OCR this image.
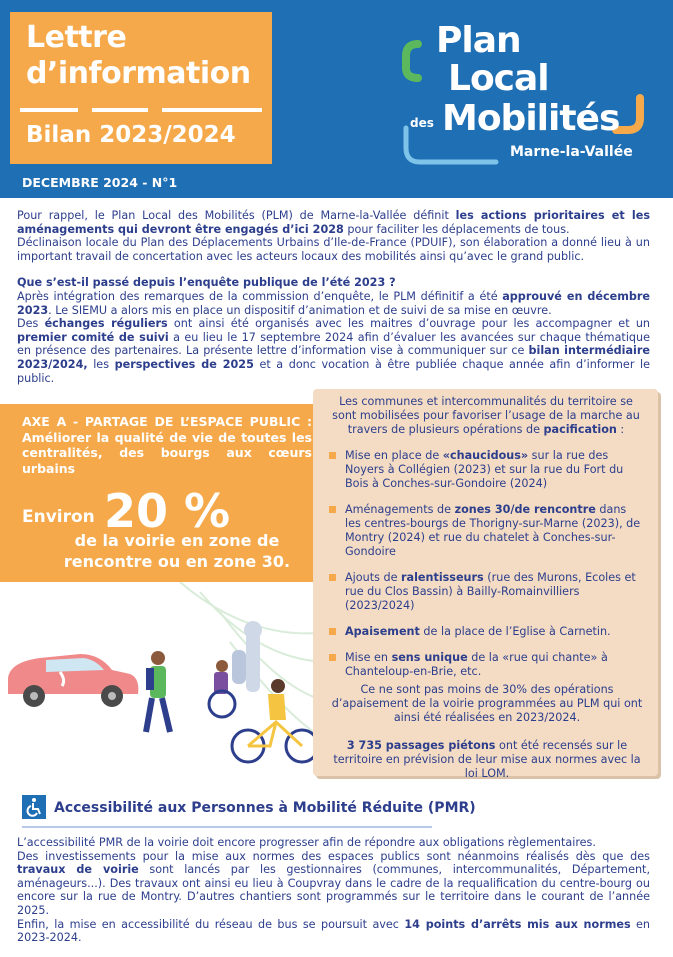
Lettre
d’information
Bilan 2023/2024
DECEMBRE 2024 - N°1
Plan
Local
des Mobilités
Marne-la-Vallée

Pour rappel, le Plan Local des Mobilités (PLM) de Marne-la-Vallée définit les actions prioritaires et les aménagements qui devront être engagés d’ici 2028 pour faciliter les déplacements de tous.

Déclinaison locale du Plan des Déplacements Urbains d’Ile-de-France (PDUIF), son élaboration a donné lieu à un important travail de concertation avec les acteurs locaux des mobilités ainsi qu’avec le grand public.

Que s’est-il passé depuis l’enquête publique de l’été 2023 ?

Après intégration des remarques de la commission d’enquête, le PLM définitif a été approuvé en décembre 2023. Le SIEMU a alors mis en place un dispositif d’animation et de suivi de sa mise en œuvre.

Des échanges réguliers ont ainsi été organisés avec les maitres d’ouvrage pour les accompagner et un premier comité de suivi a eu lieu le 17 septembre 2024 afin d’évaluer les avancées sur chaque thématique en présence des partenaires. La présente lettre d’information vise à communiquer sur ce bilan intermédiaire 2023/2024, les perspectives de 2025 et a donc vocation à être publiée chaque année afin d’informer le public.

AXE A - PARTAGE DE L’ESPACE PUBLIC : Améliorer la qualité de vie de toutes les centralités, des bourgs aux cœurs urbains
Environ 20 %
de la voirie en zone de rencontre ou en zone 30.
Les communes et intercommunalités du territoire se sont mobilisées pour favoriser l’usage de la marche au travers de plusieurs opérations de pacification :
Mise en place de «chaucidous» sur la rue des Noyers à Collégien (2023) et sur la rue du Fort du Bois à Conches-sur-Gondoire (2024)
Aménagements de zones 30/de rencontre dans les centres-bourgs de Thorigny-sur-Marne (2023), de Montry (2024) et rue du chatelet à Conches-sur-Gondoire
Ajouts de ralentisseurs (rue des Murons, Ecoles et rue du Clos Bassin) à Bailly-Romainvilliers (2023/2024)
Apaisement de la place de l’Eglise à Carnetin.
Mise en sens unique de la «rue qui chante» à Chanteloup-en-Brie, etc.
Ce ne sont pas moins de 30% des opérations d’apaisement de la voirie programmées au PLM qui ont ainsi été réalisées en 2023/2024.
3 735 passages piétons ont été recensés sur le territoire en prévision de leur mise aux normes avec la loi LOM.
Accessibilité aux Personnes à Mobilité Réduite (PMR)

L’accessibilité PMR de la voirie doit encore progresser afin de répondre aux obligations règlementaires.

Des investissements pour la mise aux normes des espaces publics sont néanmoins réalisés dès que des travaux de voirie sont lancés par les gestionnaires (communes, intercommunalités, Département, aménageurs...). Des travaux ont ainsi eu lieu à Coupvray dans le cadre de la requalification du centre-bourg ou encore sur la rue de Montry. D’autres chantiers sont programmés sur le territoire dans le courant de l’année 2025.

Enfin, la mise en accessibilité du réseau de bus se poursuit avec 14 points d’arrêts mis aux normes en 2023-2024.
